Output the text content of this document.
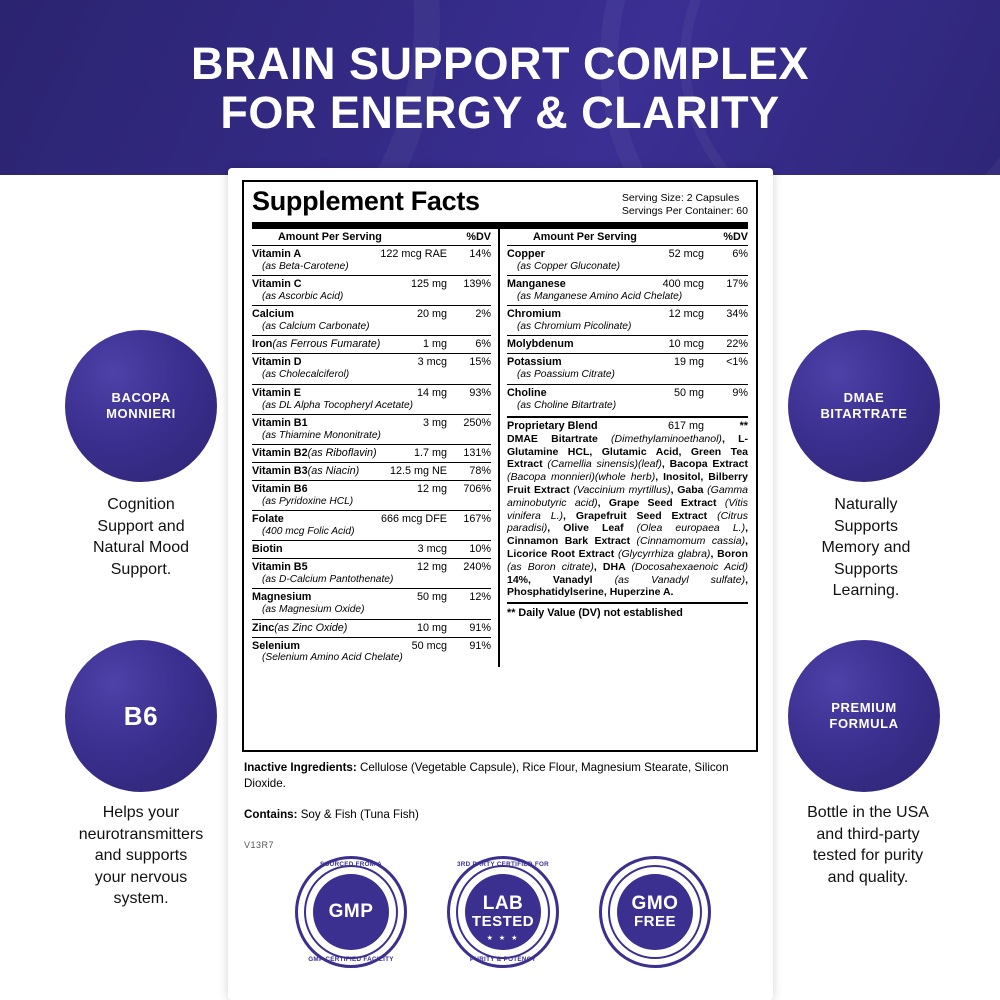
BRAIN SUPPORT COMPLEX
FOR ENERGY & CLARITY
BACOPA
MONNIERI
Cognition
Support and
Natural Mood
Support.
B6
Helps your
neurotransmitters
and supports
your nervous
system.
DMAE
BITARTRATE
Naturally
Supports
Memory and
Supports
Learning.
PREMIUM
FORMULA
Bottle in the USA
and third-party
tested for purity
and quality.
Supplement Facts	Serving Size: 2 Capsules
Servings Per Container: 60
Amount Per Serving	%DV
Vitamin A	122 mcg RAE	14%
(as Beta-Carotene)
Vitamin C	125 mg	139%
(as Ascorbic Acid)
Calcium	20 mg	2%
(as Calcium Carbonate)
Iron (as Ferrous Fumarate)	1 mg	6%
Vitamin D	3 mcg	15%
(as Cholecalciferol)
Vitamin E	14 mg	93%
(as DL Alpha Tocopheryl Acetate)
Vitamin B1	3 mg	250%
(as Thiamine Mononitrate)
Vitamin B2 (as Riboflavin)	1.7 mg	131%
Vitamin B3 (as Niacin)	12.5 mg NE	78%
Vitamin B6	12 mg	706%
(as Pyridoxine HCL)
Folate	666 mcg DFE	167%
(400 mcg Folic Acid)
Biotin	3 mcg	10%
Vitamin B5	12 mg	240%
(as D-Calcium Pantothenate)
Magnesium	50 mg	12%
(as Magnesium Oxide)
Zinc (as Zinc Oxide)	10 mg	91%
Selenium	50 mcg	91%
(Selenium Amino Acid Chelate)
Amount Per Serving	%DV
Copper	52 mcg	6%
(as Copper Gluconate)
Manganese	400 mcg	17%
(as Manganese Amino Acid Chelate)
Chromium	12 mcg	34%
(as Chromium Picolinate)
Molybdenum	10 mcg	22%
Potassium	19 mg	<1%
(as Poassium Citrate)
Choline	50 mg	9%
(as Choline Bitartrate)
Proprietary Blend	617 mg	**
DMAE Bitartrate (Dimethylaminoethanol), L-Glutamine HCL, Glutamic Acid, Green Tea Extract (Camellia sinensis)(leaf), Bacopa Extract (Bacopa monnieri)(whole herb), Inositol, Bilberry Fruit Extract (Vaccinium myrtillus), Gaba (Gamma aminobutyric acid), Grape Seed Extract (Vitis vinifera L.), Grapefruit Seed Extract (Citrus paradisi), Olive Leaf (Olea europaea L.), Cinnamon Bark Extract (Cinnamomum cassia), Licorice Root Extract (Glycyrrhiza glabra), Boron (as Boron citrate), DHA (Docosahexaenoic Acid) 14%, Vanadyl (as Vanadyl sulfate), Phosphatidylserine, Huperzine A.
** Daily Value (DV) not established
Inactive Ingredients: Cellulose (Vegetable Capsule), Rice Flour, Magnesium Stearate, Silicon Dioxide.
Contains: Soy & Fish (Tuna Fish)
V13R7
SOURCED FROM A
GMP
GMP CERTIFIED FACILITY
3RD PARTY CERTIFIED FOR
LAB
TESTED
★ ★ ★
PURITY & POTENCY
GMO
FREE
